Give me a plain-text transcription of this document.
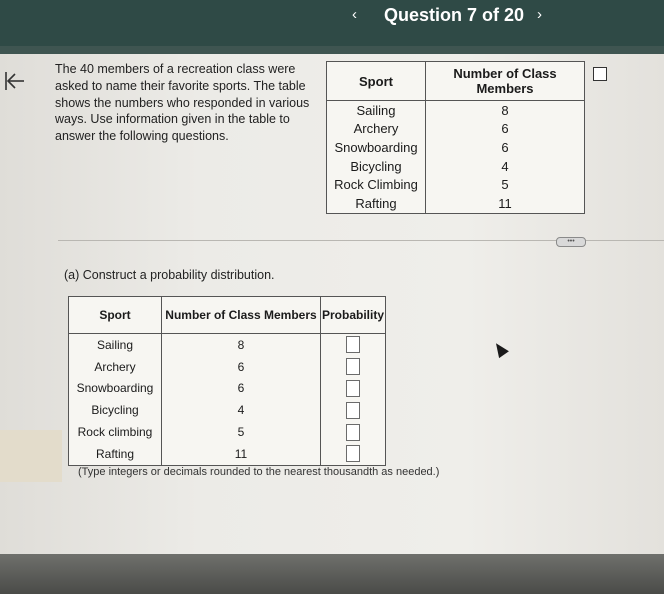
‹ Question 7 of 20 ›
The 40 members of a recreation class were asked to name their favorite sports. The table shows the numbers who responded in various ways. Use information given in the table to answer the following questions.
Sport	Number of Class Members
Sailing	8
Archery	6
Snowboarding	6
Bicycling	4
Rock Climbing	5
Rafting	11
•••
(a) Construct a probability distribution.
Sport	Number of Class Members	Probability
Sailing	8	
Archery	6	
Snowboarding	6	
Bicycling	4	
Rock climbing	5	
Rafting	11	
(Type integers or decimals rounded to the nearest thousandth as needed.)
